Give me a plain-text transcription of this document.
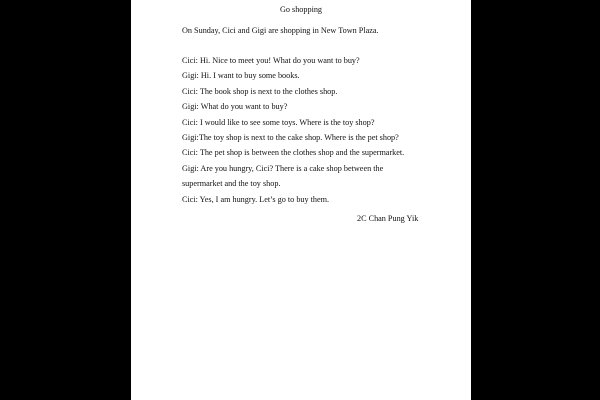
Go shopping
On Sunday, Cici and Gigi are shopping in New Town Plaza.
Cici: Hi. Nice to meet you! What do you want to buy?
Gigi: Hi. I want to buy some books.
Cici: The book shop is next to the clothes shop.
Gigi: What do you want to buy?
Cici: I would like to see some toys. Where is the toy shop?
Gigi:The toy shop is next to the cake shop. Where is the pet shop?
Cici: The pet shop is between the clothes shop and the supermarket.
Gigi: Are you hungry, Cici? There is a cake shop between the
supermarket and the toy shop.
Cici: Yes, I am hungry. Let’s go to buy them.
2C Chan Pung Yik
